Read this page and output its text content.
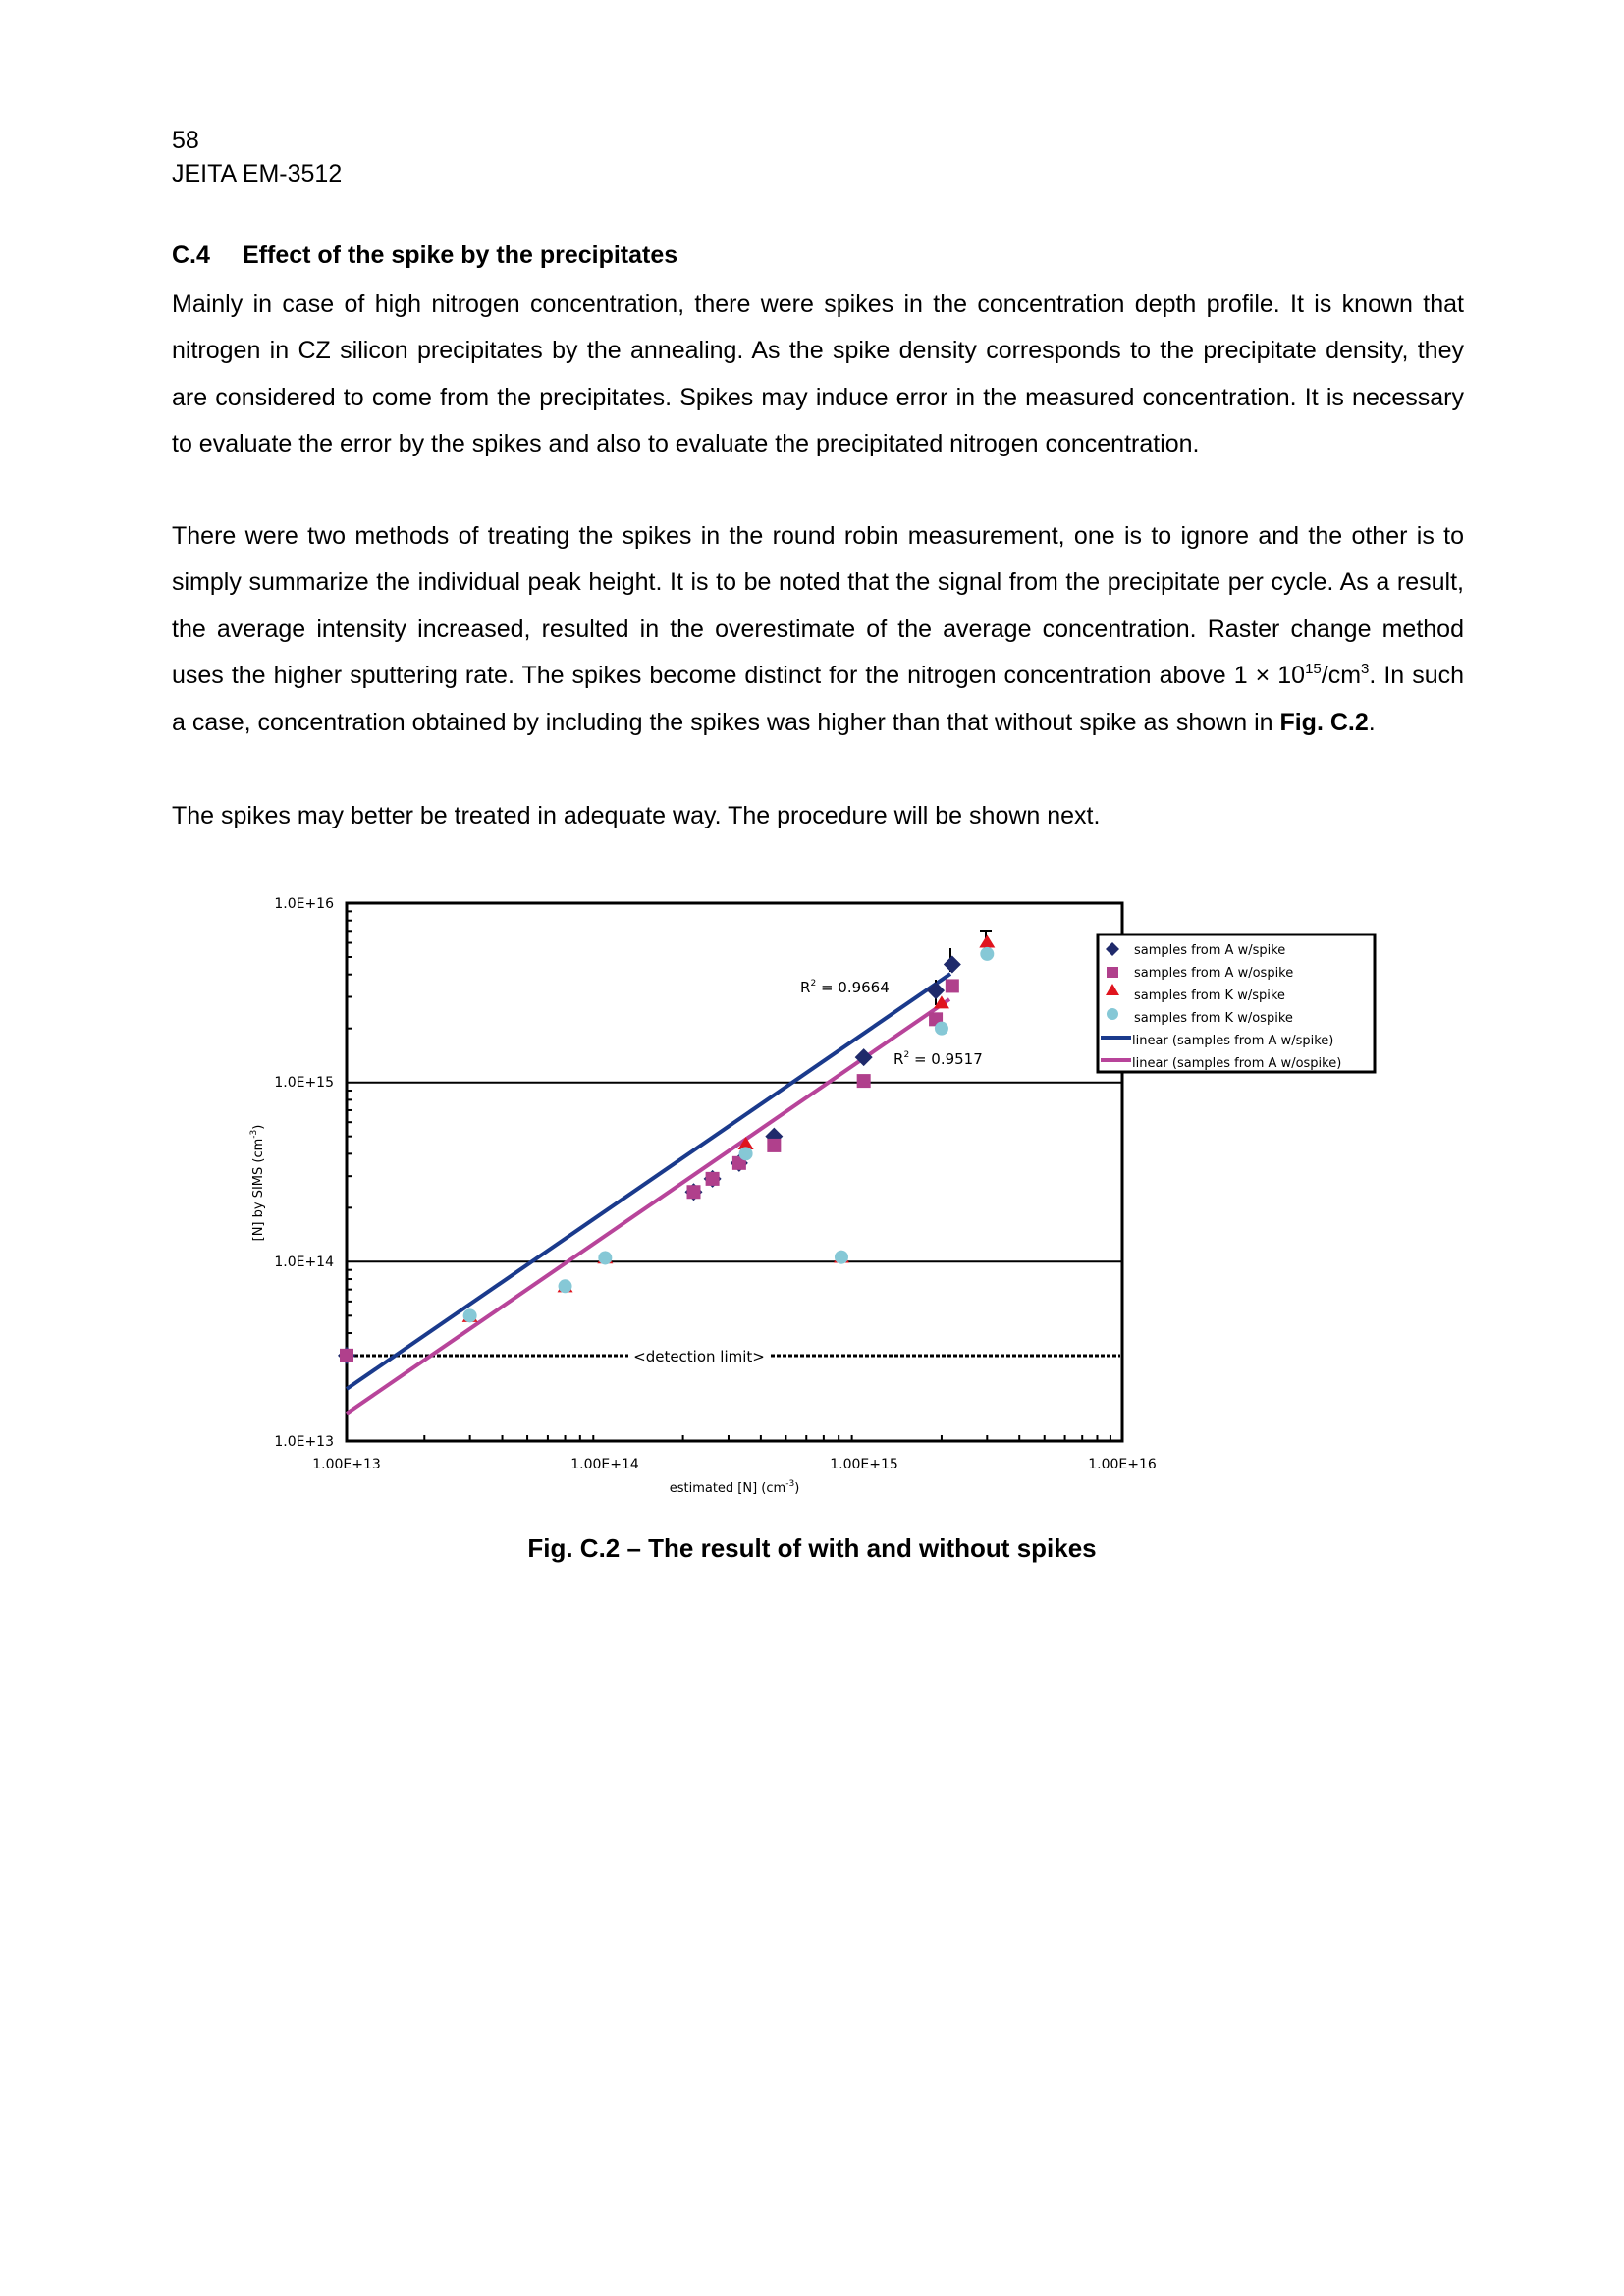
58
JEITA EM-3512
C.4 Effect of the spike by the precipitates
Mainly in case of high nitrogen concentration, there were spikes in the concentration depth profile. It is known that nitrogen in CZ silicon precipitates by the annealing. As the spike density corresponds to the precipitate density, they are considered to come from the precipitates. Spikes may induce error in the measured concentration. It is necessary to evaluate the error by the spikes and also to evaluate the precipitated nitrogen concentration.
There were two methods of treating the spikes in the round robin measurement, one is to ignore and the other is to simply summarize the individual peak height. It is to be noted that the signal from the precipitate per cycle. As a result, the average intensity increased, resulted in the overestimate of the average concentration. Raster change method uses the higher sputtering rate. The spikes become distinct for the nitrogen concentration above $1 \times 10^{15}/cm^3$. In such a case, concentration obtained by including the spikes was higher than that without spike as shown in Fig. C.2.
The spikes may better be treated in adequate way. The procedure will be shown next.
<detection limit>
$R^2 = 0.9664$
$R^2 = 0.9517$
1.0E+16
1.0E+15
1.0E+14
1.0E+13
1.00E+13	1.00E+14	1.00E+15	1.00E+16
estimated [N] $(cm^{-3})$
[N] by SIMS $(cm^{-3})$
samples from A w/spike
samples from A w/ospike
samples from K w/spike
samples from K w/ospike
linear (samples from A w/spike)
linear (samples from A w/ospike)
Fig. C.2 – The result of with and without spikes
